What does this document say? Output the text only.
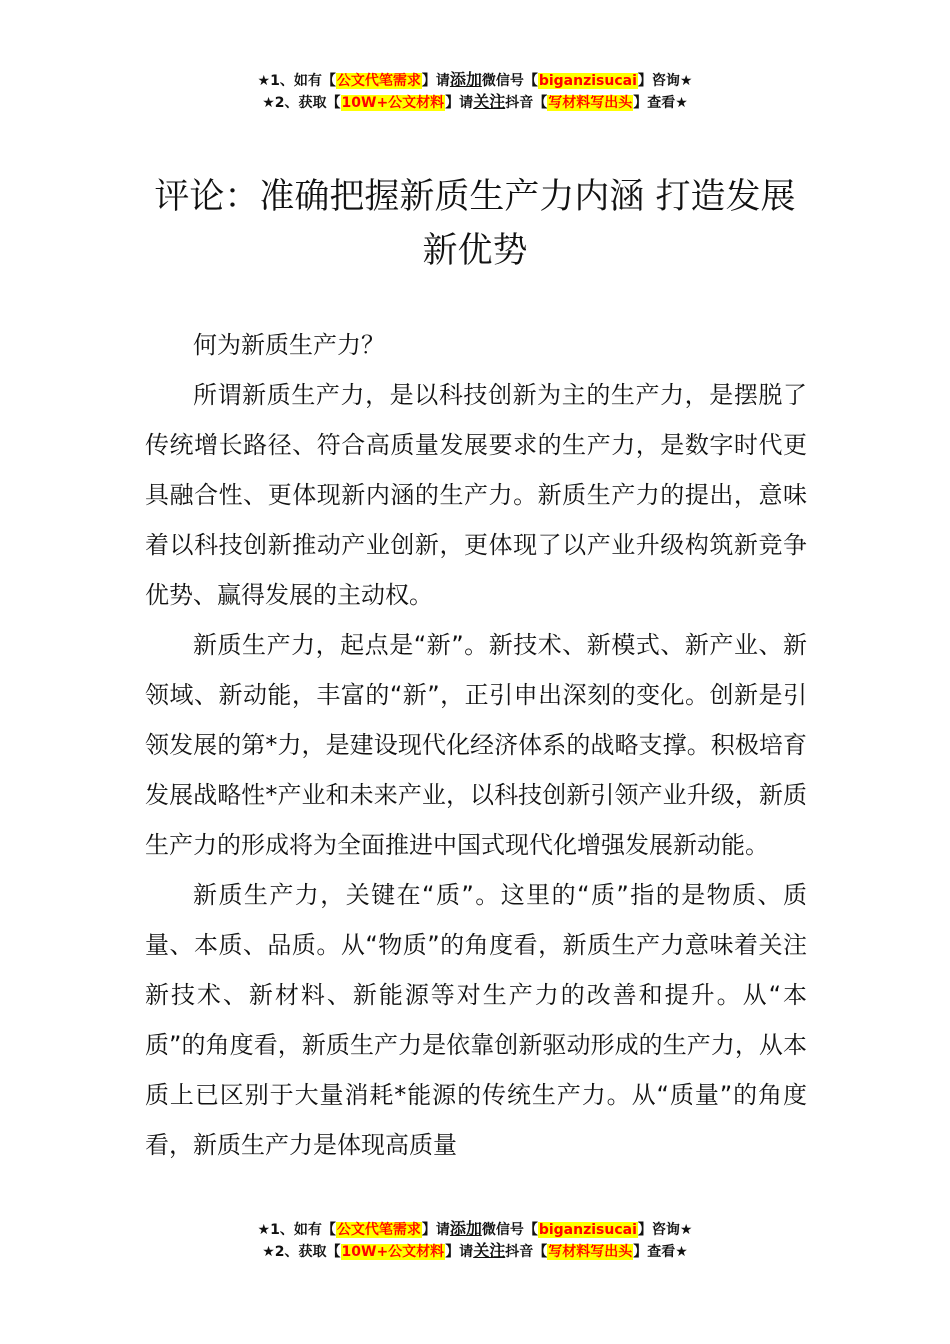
★1、如有【公文代笔需求】请添加微信号【biganzisucai】咨询★
★2、获取【10W+公文材料】请关注抖音【写材料写出头】查看★
评论：准确把握新质生产力内涵 打造发展新优势

何为新质生产力？

所谓新质生产力，是以科技创新为主的生产力，是摆脱了传统增长路径、符合高质量发展要求的生产力，是数字时代更具融合性、更体现新内涵的生产力。新质生产力的提出，意味着以科技创新推动产业创新，更体现了以产业升级构筑新竞争优势、赢得发展的主动权。

新质生产力，起点是“新”。新技术、新模式、新产业、新领域、新动能，丰富的“新”，正引申出深刻的变化。创新是引领发展的第*力，是建设现代化经济体系的战略支撑。积极培育发展战略性*产业和未来产业，以科技创新引领产业升级，新质生产力的形成将为全面推进中国式现代化增强发展新动能。

新质生产力，关键在“质”。这里的“质”指的是物质、质量、本质、品质。从“物质”的角度看，新质生产力意味着关注新技术、新材料、新能源等对生产力的改善和提升。从“本质”的角度看，新质生产力是依靠创新驱动形成的生产力，从本质上已区别于大量消耗*能源的传统生产力。从“质量”的角度看，新质生产力是体现高质量

★1、如有【公文代笔需求】请添加微信号【biganzisucai】咨询★
★2、获取【10W+公文材料】请关注抖音【写材料写出头】查看★
